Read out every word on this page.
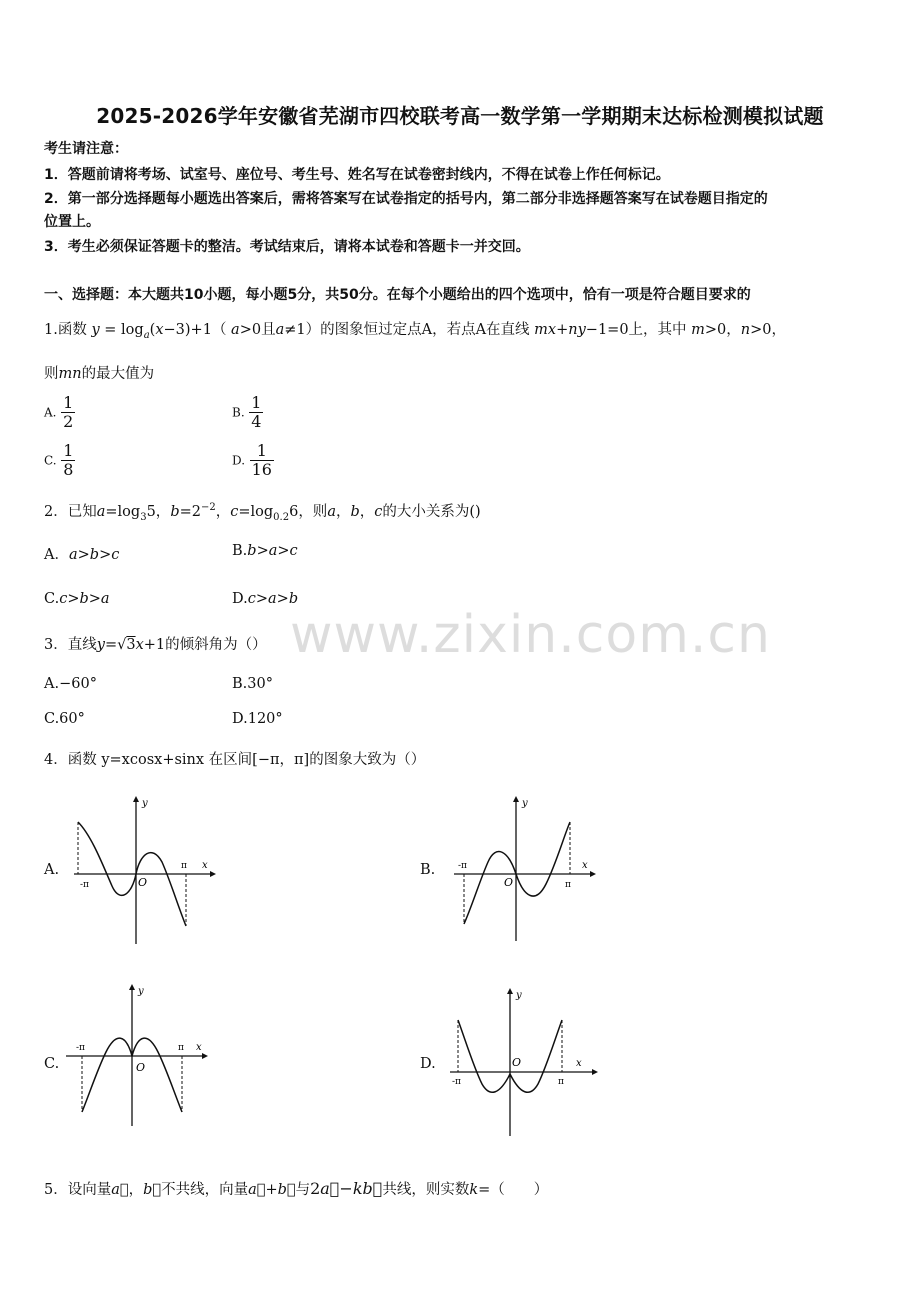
2025-2026学年安徽省芜湖市四校联考高一数学第一学期期末达标检测模拟试题
考生请注意：
1．答题前请将考场、试室号、座位号、考生号、姓名写在试卷密封线内，不得在试卷上作任何标记。
2．第一部分选择题每小题选出答案后，需将答案写在试卷指定的括号内，第二部分非选择题答案写在试卷题目指定的
位置上。
3．考生必须保证答题卡的整洁。考试结束后，请将本试卷和答题卡一并交回。
一、选择题：本大题共10小题，每小题5分，共50分。在每个小题给出的四个选项中，恰有一项是符合题目要求的
1.函数 $y = \log_a(x-3)+1$（ a>0且a≠1）的图象恒过定点A，若点A在直线 mx+ny−1=0上，其中 m>0，n>0，
则mn的最大值为
A. $\frac{1}{2}$	B. $\frac{1}{4}$
C. $\frac{1}{8}$	D. $\frac{1}{16}$
2．已知$a=\log_35$，$b=2^{-2}$，$c=\log_{0.2}6$，则a，b，c的大小关系为()
A．a>b>c	B.b>a>c
C.c>b>a	D.c>a>b
3．直线y=√3x+1的倾斜角为（）
A.−60°	B.30°
C.60°	D.120°
4．函数 y=xcosx+sinx 在区间[−π，π]的图象大致为（）
A.	B.
C.	D.
y
x
O
-π
π
y
x
O
-π
π
y
x
O
-π	π
y
x
O
-π	π
5．设向量a⃗，b⃗不共线，向量a⃗+b⃗与2a⃗−kb⃗共线，则实数k=（　　）
www.zixin.com.cn
